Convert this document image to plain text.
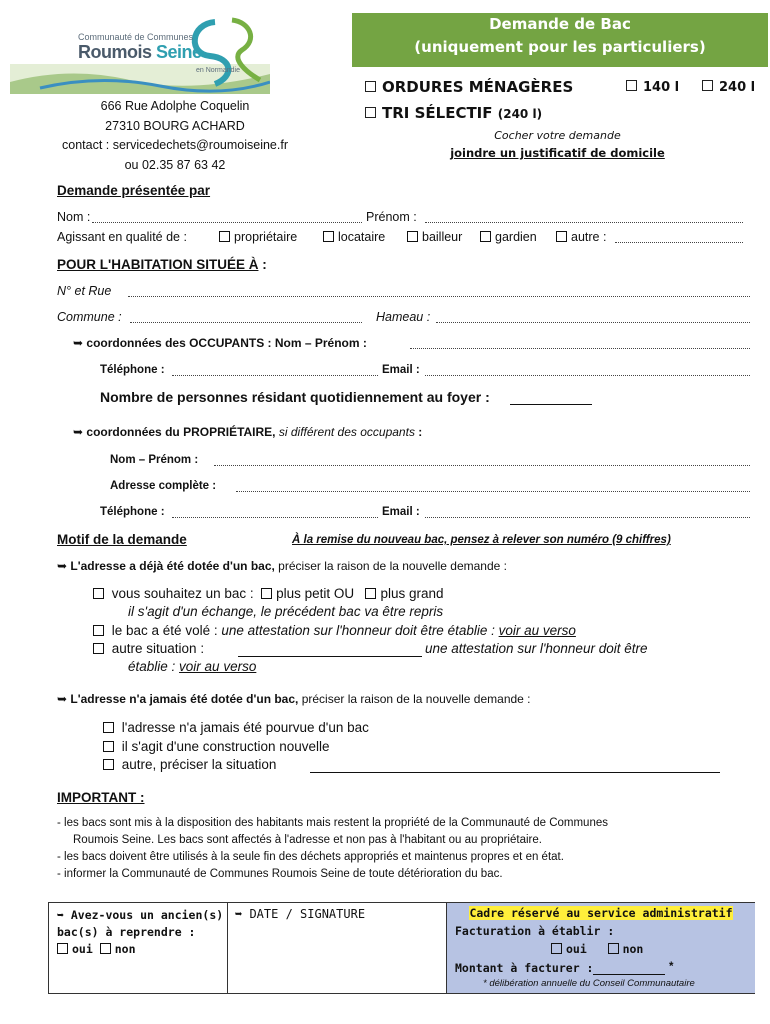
Communauté de Communes
Roumois Seine
en Normandie
666 Rue Adolphe Coquelin
27310 BOURG ACHARD
contact : servicedechets@roumoiseine.fr
ou 02.35 87 63 42
Demande de Bac
(uniquement pour les particuliers)
ORDURES MÉNAGÈRES	140 l	240 l
TRI SÉLECTIF (240 l)
Cocher votre demande
joindre un justificatif de domicile
Demande présentée par
Nom :	Prénom :
Agissant en qualité de :	propriétaire	locataire	bailleur	gardien	autre :
POUR L'HABITATION SITUÉE À :
N° et Rue
Commune :	Hameau :
➥ coordonnées des OCCUPANTS : Nom – Prénom :
Téléphone :	Email :
Nombre de personnes résidant quotidiennement au foyer :
➥ coordonnées du PROPRIÉTAIRE, si différent des occupants :
Nom – Prénom :
Adresse complète :
Téléphone :	Email :
Motif de la demande	À la remise du nouveau bac, pensez à relever son numéro (9 chiffres)
➥ L'adresse a déjà été dotée d'un bac, préciser la raison de la nouvelle demande :
vous souhaitez un bac : plus petit OU plus grand
il s'agit d'un échange, le précédent bac va être repris
le bac a été volé : une attestation sur l'honneur doit être établie : voir au verso
autre situation :	une attestation sur l'honneur doit être
établie : voir au verso
➥ L'adresse n'a jamais été dotée d'un bac, préciser la raison de la nouvelle demande :
l'adresse n'a jamais été pourvue d'un bac
il s'agit d'une construction nouvelle
autre, préciser la situation
IMPORTANT :
- les bacs sont mis à la disposition des habitants mais restent la propriété de la Communauté de Communes
Roumois Seine. Les bacs sont affectés à l'adresse et non pas à l'habitant ou au propriétaire.
- les bacs doivent être utilisés à la seule fin des déchets appropriés et maintenus propres et en état.
- informer la Communauté de Communes Roumois Seine de toute détérioration du bac.
➥ Avez-vous un ancien(s)
bac(s) à reprendre :
oui non
➥ DATE / SIGNATURE	Cadre réservé au service administratif
Facturation à établir :
oui	non
Montant à facturer :	*
* délibération annuelle du Conseil Communautaire
